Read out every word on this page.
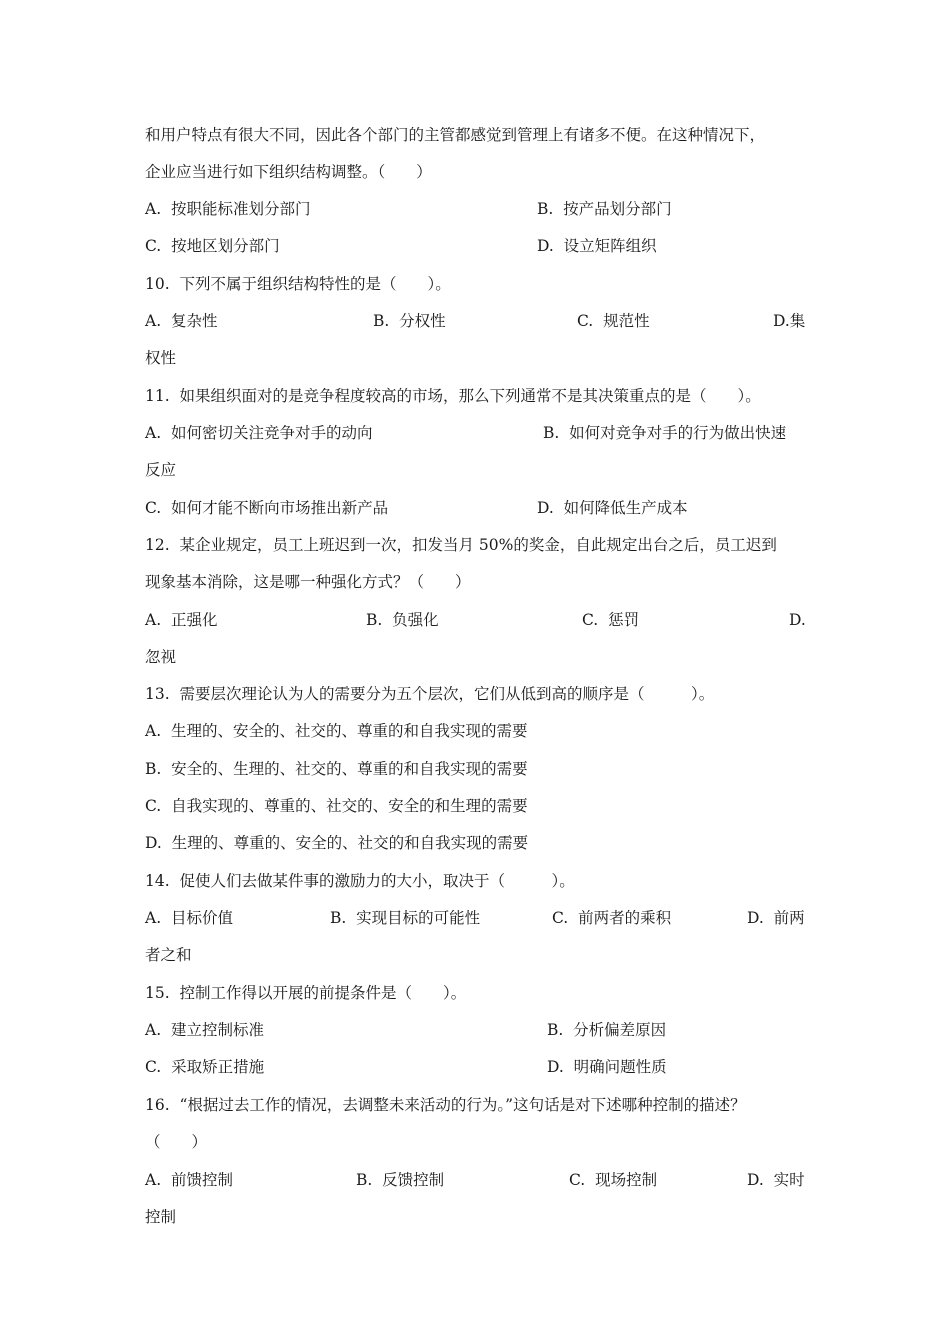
和用户特点有很大不同，因此各个部门的主管都感觉到管理上有诸多不便。在这种情况下，
企业应当进行如下组织结构调整。（　　）
A.  按职能标准划分部门	B.  按产品划分部门
C.  按地区划分部门	D.  设立矩阵组织
10.  下列不属于组织结构特性的是（　　）。
A.  复杂性	B.  分权性	C.  规范性	D.集
权性
11.  如果组织面对的是竞争程度较高的市场，那么下列通常不是其决策重点的是（　　）。
A.  如何密切关注竞争对手的动向	B.  如何对竞争对手的行为做出快速
反应
C.  如何才能不断向市场推出新产品	D.  如何降低生产成本
12.  某企业规定，员工上班迟到一次，扣发当月 50%的奖金，自此规定出台之后，员工迟到
现象基本消除，这是哪一种强化方式？（　　）
A.  正强化	B.  负强化	C.  惩罚	D.
忽视
13.  需要层次理论认为人的需要分为五个层次，它们从低到高的顺序是（　　　）。
A.  生理的、安全的、社交的、尊重的和自我实现的需要
B.  安全的、生理的、社交的、尊重的和自我实现的需要
C.  自我实现的、尊重的、社交的、安全的和生理的需要
D.  生理的、尊重的、安全的、社交的和自我实现的需要
14.  促使人们去做某件事的激励力的大小，取决于（　　　）。
A.  目标价值	B.  实现目标的可能性	C.  前两者的乘积	D.  前两
者之和
15.  控制工作得以开展的前提条件是（　　）。
A.  建立控制标准	B.  分析偏差原因
C.  采取矫正措施	D.  明确问题性质
16.  “根据过去工作的情况，去调整未来活动的行为。”这句话是对下述哪种控制的描述？
（　　）
A.  前馈控制	B.  反馈控制	C.  现场控制	D.  实时
控制
